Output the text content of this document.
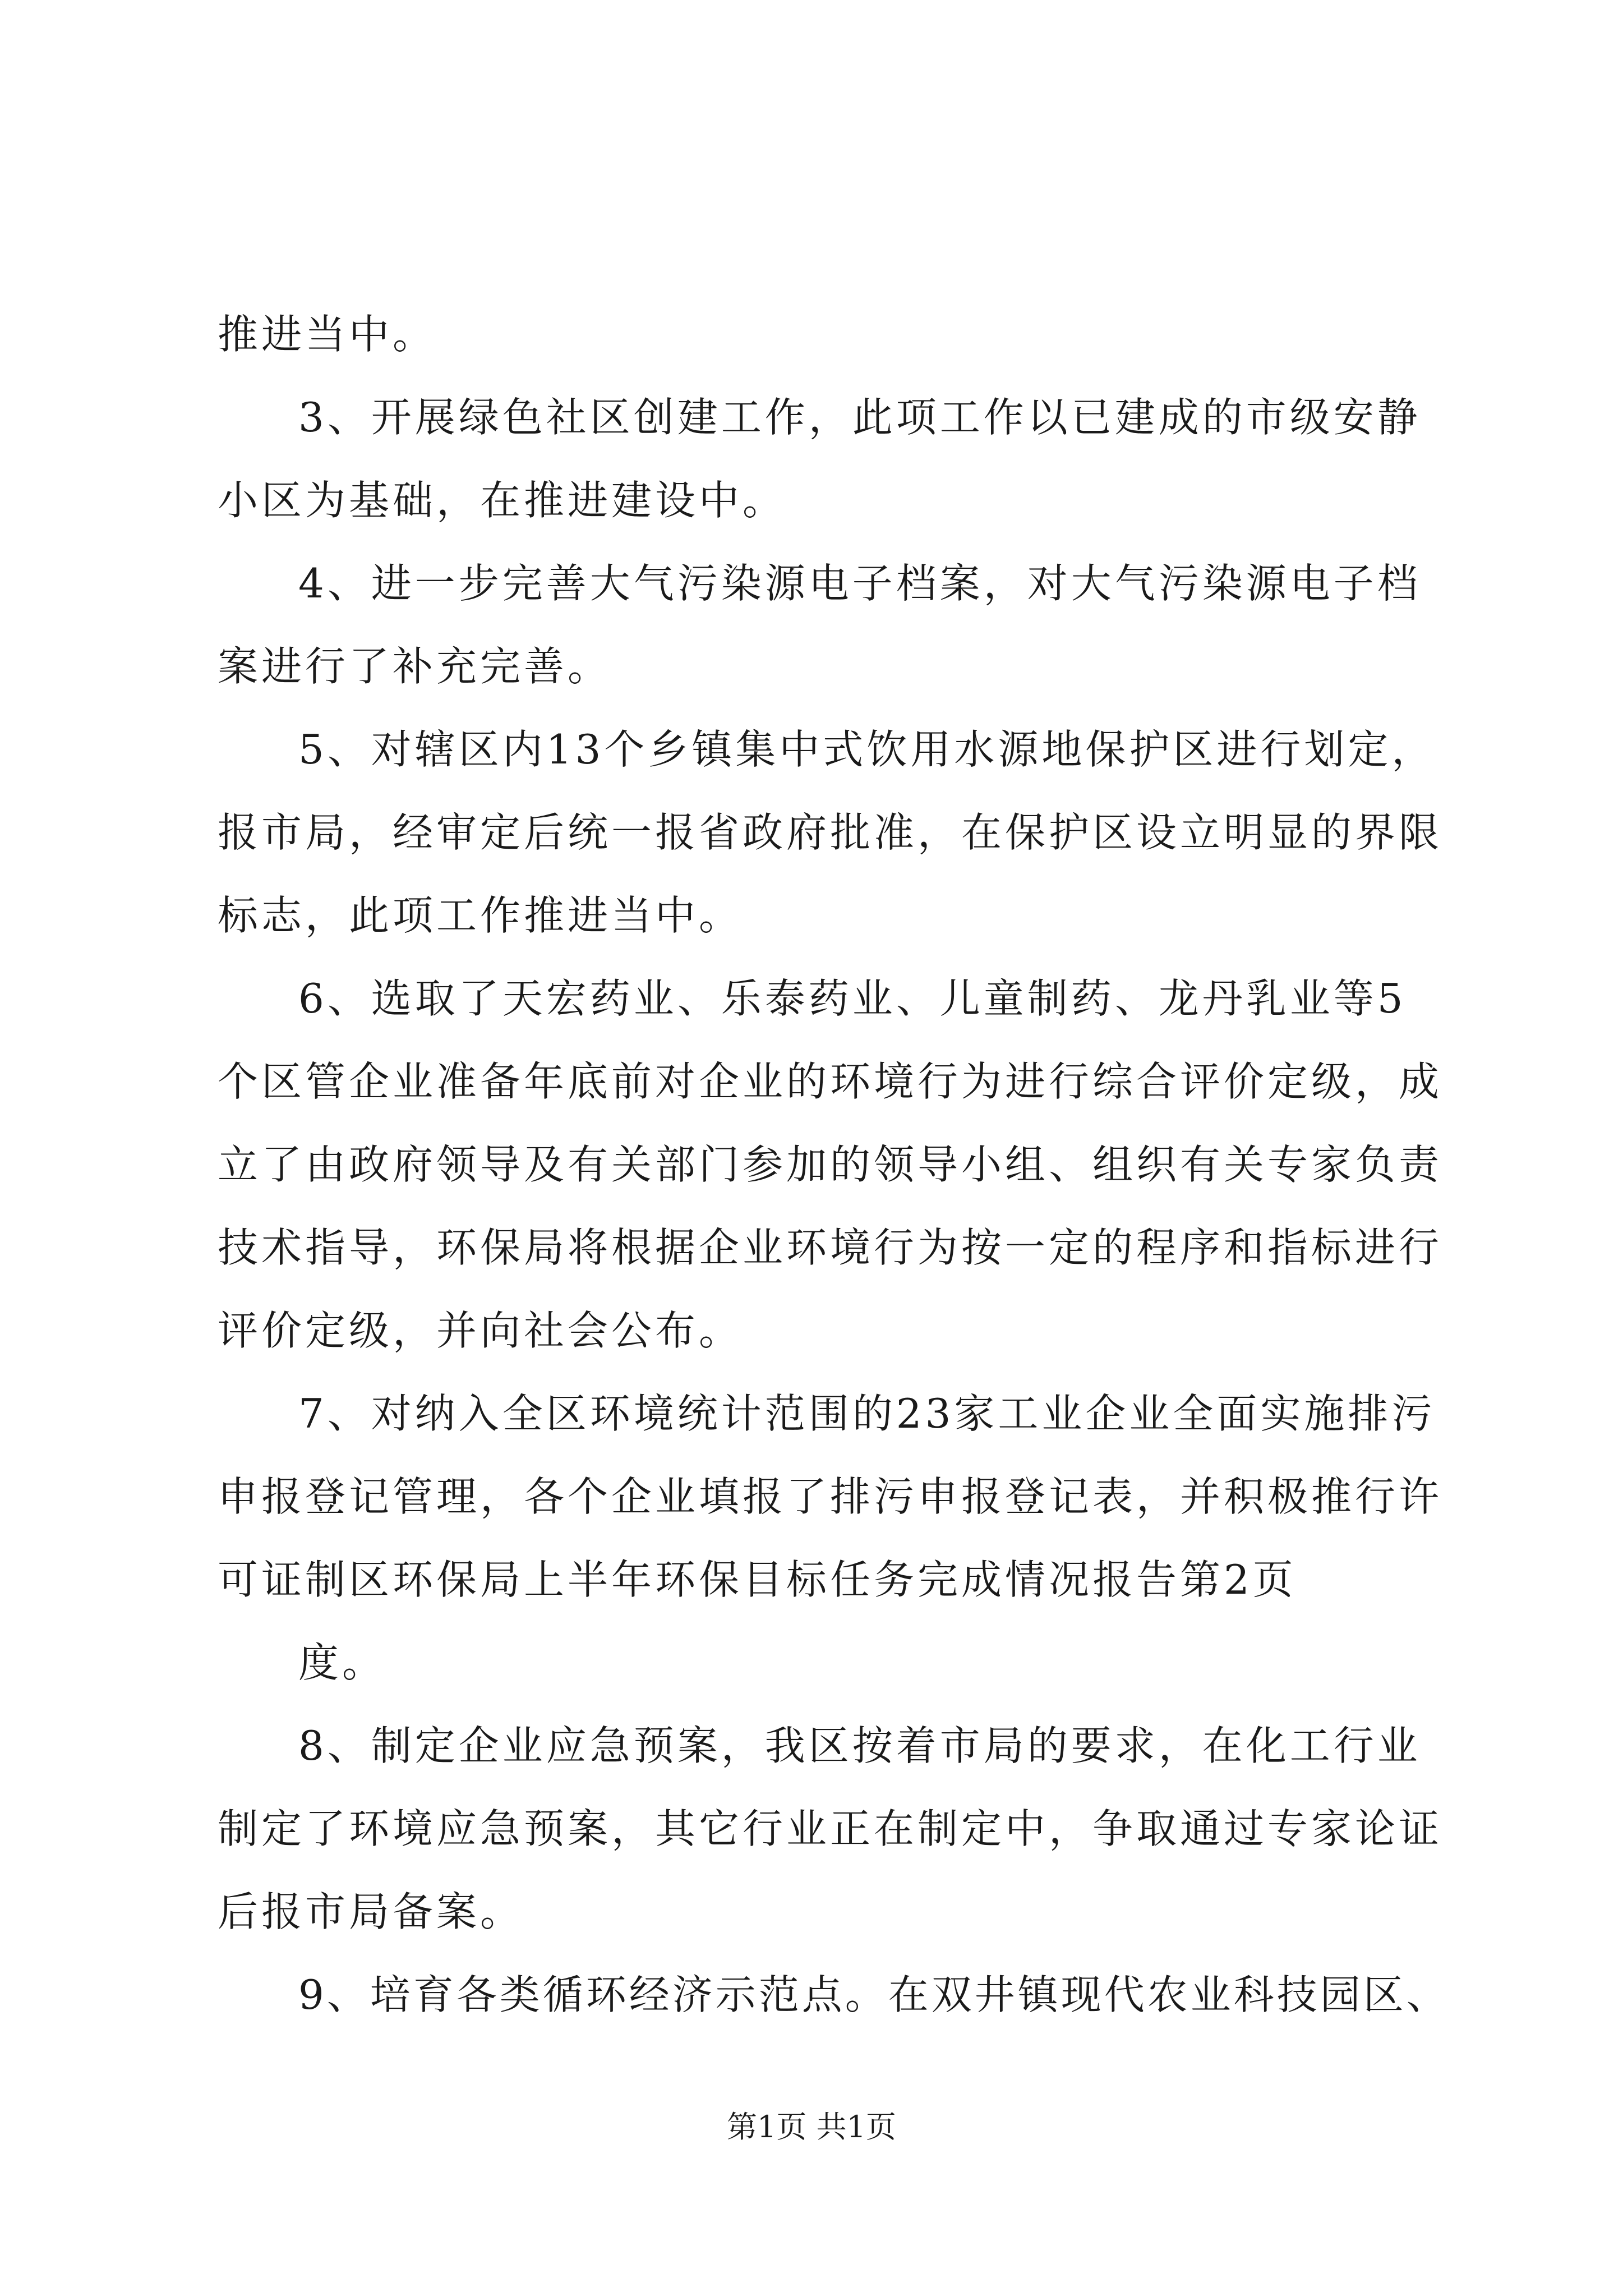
推进当中。
3、开展绿色社区创建工作，此项工作以已建成的市级安静
小区为基础，在推进建设中。
4、进一步完善大气污染源电子档案，对大气污染源电子档
案进行了补充完善。
5、对辖区内13个乡镇集中式饮用水源地保护区进行划定，
报市局，经审定后统一报省政府批准，在保护区设立明显的界限
标志，此项工作推进当中。
6、选取了天宏药业、乐泰药业、儿童制药、龙丹乳业等5
个区管企业准备年底前对企业的环境行为进行综合评价定级，成
立了由政府领导及有关部门参加的领导小组、组织有关专家负责
技术指导，环保局将根据企业环境行为按一定的程序和指标进行
评价定级，并向社会公布。
7、对纳入全区环境统计范围的23家工业企业全面实施排污
申报登记管理，各个企业填报了排污申报登记表，并积极推行许
可证制区环保局上半年环保目标任务完成情况报告第2页
度。
8、制定企业应急预案，我区按着市局的要求，在化工行业
制定了环境应急预案，其它行业正在制定中，争取通过专家论证
后报市局备案。
9、培育各类循环经济示范点。在双井镇现代农业科技园区、
第1页 共1页
